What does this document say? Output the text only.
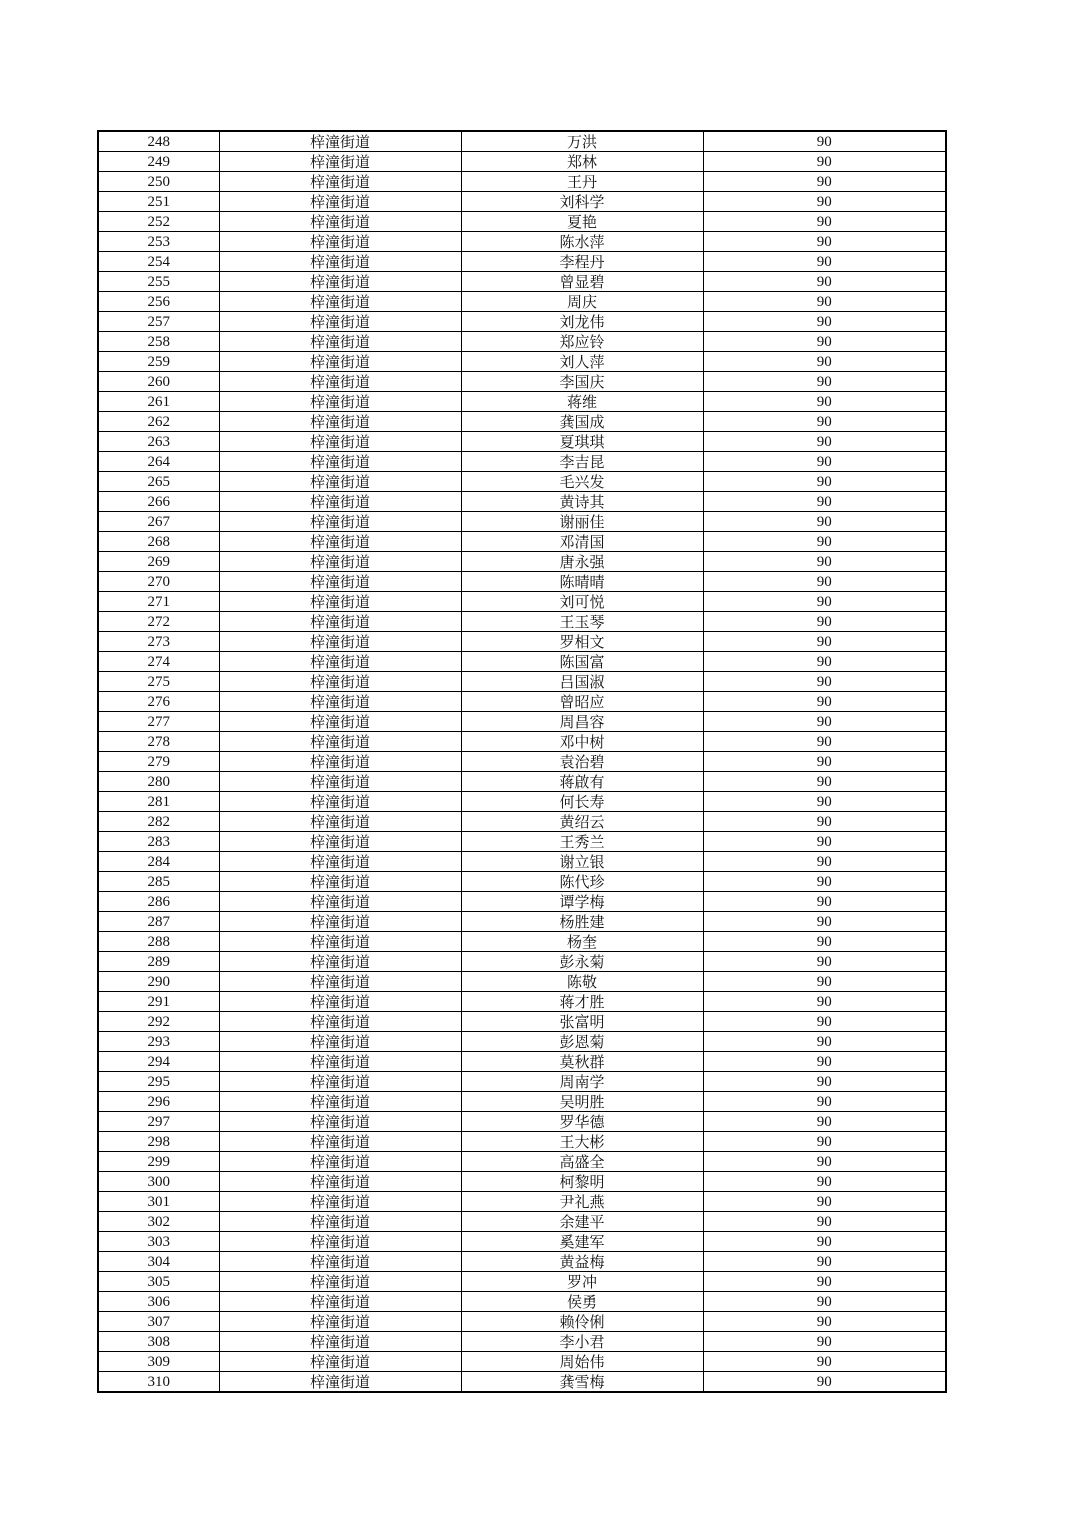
248	梓潼街道	万洪	90
249	梓潼街道	郑林	90
250	梓潼街道	王丹	90
251	梓潼街道	刘科学	90
252	梓潼街道	夏艳	90
253	梓潼街道	陈水萍	90
254	梓潼街道	李程丹	90
255	梓潼街道	曾显碧	90
256	梓潼街道	周庆	90
257	梓潼街道	刘龙伟	90
258	梓潼街道	郑应铃	90
259	梓潼街道	刘人萍	90
260	梓潼街道	李国庆	90
261	梓潼街道	蒋维	90
262	梓潼街道	龚国成	90
263	梓潼街道	夏琪琪	90
264	梓潼街道	李吉昆	90
265	梓潼街道	毛兴发	90
266	梓潼街道	黄诗其	90
267	梓潼街道	谢丽佳	90
268	梓潼街道	邓清国	90
269	梓潼街道	唐永强	90
270	梓潼街道	陈晴晴	90
271	梓潼街道	刘可悦	90
272	梓潼街道	王玉琴	90
273	梓潼街道	罗相文	90
274	梓潼街道	陈国富	90
275	梓潼街道	吕国淑	90
276	梓潼街道	曾昭应	90
277	梓潼街道	周昌容	90
278	梓潼街道	邓中树	90
279	梓潼街道	袁治碧	90
280	梓潼街道	蒋啟有	90
281	梓潼街道	何长寿	90
282	梓潼街道	黄绍云	90
283	梓潼街道	王秀兰	90
284	梓潼街道	谢立银	90
285	梓潼街道	陈代珍	90
286	梓潼街道	谭学梅	90
287	梓潼街道	杨胜建	90
288	梓潼街道	杨奎	90
289	梓潼街道	彭永菊	90
290	梓潼街道	陈敬	90
291	梓潼街道	蒋才胜	90
292	梓潼街道	张富明	90
293	梓潼街道	彭恩菊	90
294	梓潼街道	莫秋群	90
295	梓潼街道	周南学	90
296	梓潼街道	吴明胜	90
297	梓潼街道	罗华德	90
298	梓潼街道	王大彬	90
299	梓潼街道	高盛全	90
300	梓潼街道	柯黎明	90
301	梓潼街道	尹礼燕	90
302	梓潼街道	余建平	90
303	梓潼街道	奚建军	90
304	梓潼街道	黄益梅	90
305	梓潼街道	罗冲	90
306	梓潼街道	侯勇	90
307	梓潼街道	赖伶俐	90
308	梓潼街道	李小君	90
309	梓潼街道	周始伟	90
310	梓潼街道	龚雪梅	90
